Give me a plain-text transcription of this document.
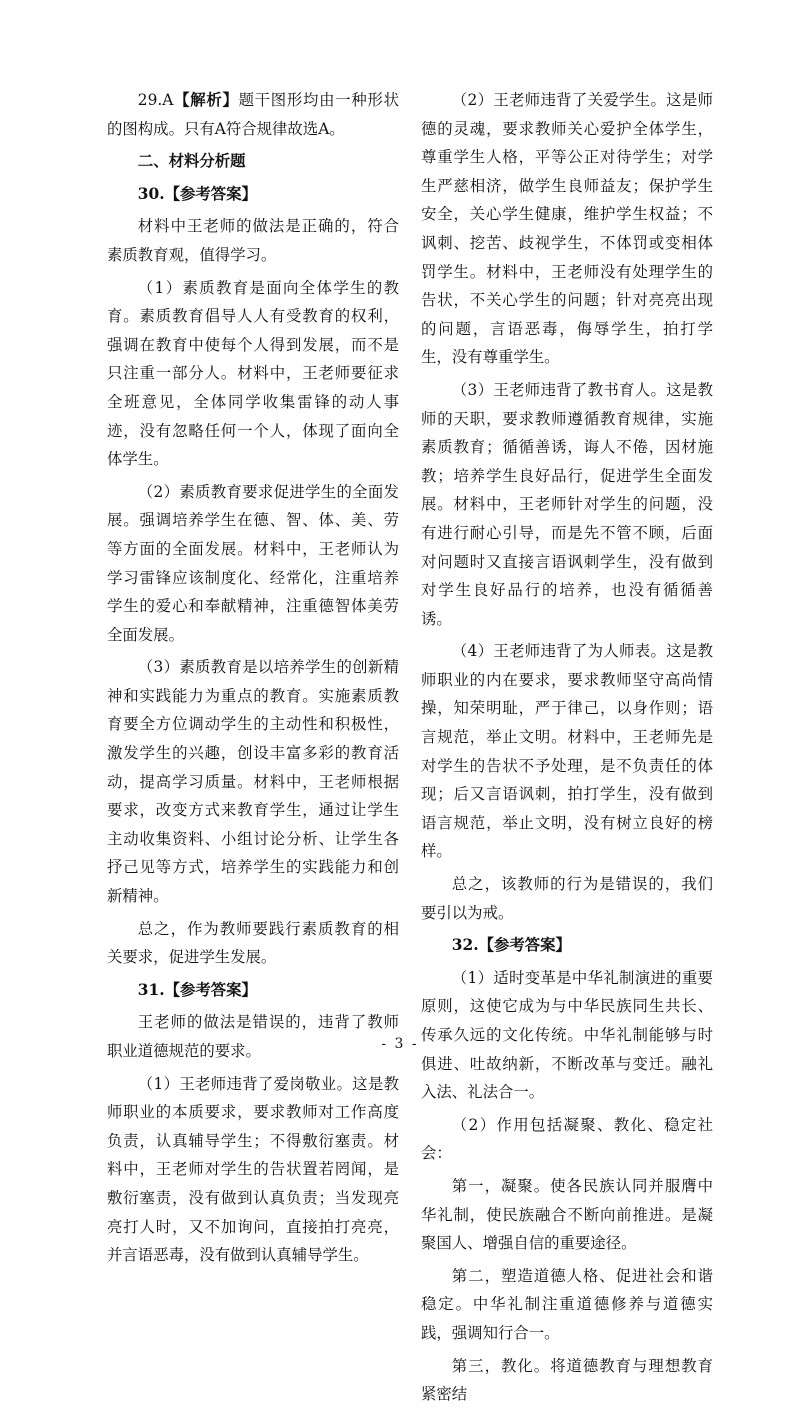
29.A【解析】题干图形均由一种形状的图构成。只有A符合规律故选A。

二、材料分析题

30.【参考答案】

材料中王老师的做法是正确的，符合素质教育观，值得学习。

（1）素质教育是面向全体学生的教育。素质教育倡导人人有受教育的权利，强调在教育中使每个人得到发展，而不是只注重一部分人。材料中，王老师要征求全班意见，全体同学收集雷锋的动人事迹，没有忽略任何一个人，体现了面向全体学生。

（2）素质教育要求促进学生的全面发展。强调培养学生在德、智、体、美、劳等方面的全面发展。材料中，王老师认为学习雷锋应该制度化、经常化，注重培养学生的爱心和奉献精神，注重德智体美劳全面发展。

（3）素质教育是以培养学生的创新精神和实践能力为重点的教育。实施素质教育要全方位调动学生的主动性和积极性，激发学生的兴趣，创设丰富多彩的教育活动，提高学习质量。材料中，王老师根据要求，改变方式来教育学生，通过让学生主动收集资料、小组讨论分析、让学生各抒己见等方式，培养学生的实践能力和创新精神。

总之，作为教师要践行素质教育的相关要求，促进学生发展。

31.【参考答案】

王老师的做法是错误的，违背了教师职业道德规范的要求。

（1）王老师违背了爱岗敬业。这是教师职业的本质要求，要求教师对工作高度负责，认真辅导学生；不得敷衍塞责。材料中，王老师对学生的告状置若罔闻，是敷衍塞责，没有做到认真负责；当发现亮亮打人时，又不加询问，直接拍打亮亮，并言语恶毒，没有做到认真辅导学生。

（2）王老师违背了关爱学生。这是师德的灵魂，要求教师关心爱护全体学生，尊重学生人格，平等公正对待学生；对学生严慈相济，做学生良师益友；保护学生安全，关心学生健康，维护学生权益；不讽刺、挖苦、歧视学生，不体罚或变相体罚学生。材料中，王老师没有处理学生的告状，不关心学生的问题；针对亮亮出现的问题，言语恶毒，侮辱学生，拍打学生，没有尊重学生。

（3）王老师违背了教书育人。这是教师的天职，要求教师遵循教育规律，实施素质教育；循循善诱，诲人不倦，因材施教；培养学生良好品行，促进学生全面发展。材料中，王老师针对学生的问题，没有进行耐心引导，而是先不管不顾，后面对问题时又直接言语讽刺学生，没有做到对学生良好品行的培养，也没有循循善诱。

（4）王老师违背了为人师表。这是教师职业的内在要求，要求教师坚守高尚情操，知荣明耻，严于律己，以身作则；语言规范，举止文明。材料中，王老师先是对学生的告状不予处理，是不负责任的体现；后又言语讽刺，拍打学生，没有做到语言规范，举止文明，没有树立良好的榜样。

总之，该教师的行为是错误的，我们要引以为戒。

32.【参考答案】

（1）适时变革是中华礼制演进的重要原则，这使它成为与中华民族同生共长、传承久远的文化传统。中华礼制能够与时俱进、吐故纳新，不断改革与变迁。融礼入法、礼法合一。

（2）作用包括凝聚、教化、稳定社会：

第一，凝聚。使各民族认同并服膺中华礼制，使民族融合不断向前推进。是凝聚国人、增强自信的重要途径。

第二，塑造道德人格、促进社会和谐稳定。中华礼制注重道德修养与道德实践，强调知行合一。

第三，教化。将道德教育与理想教育紧密结

- 3 -
